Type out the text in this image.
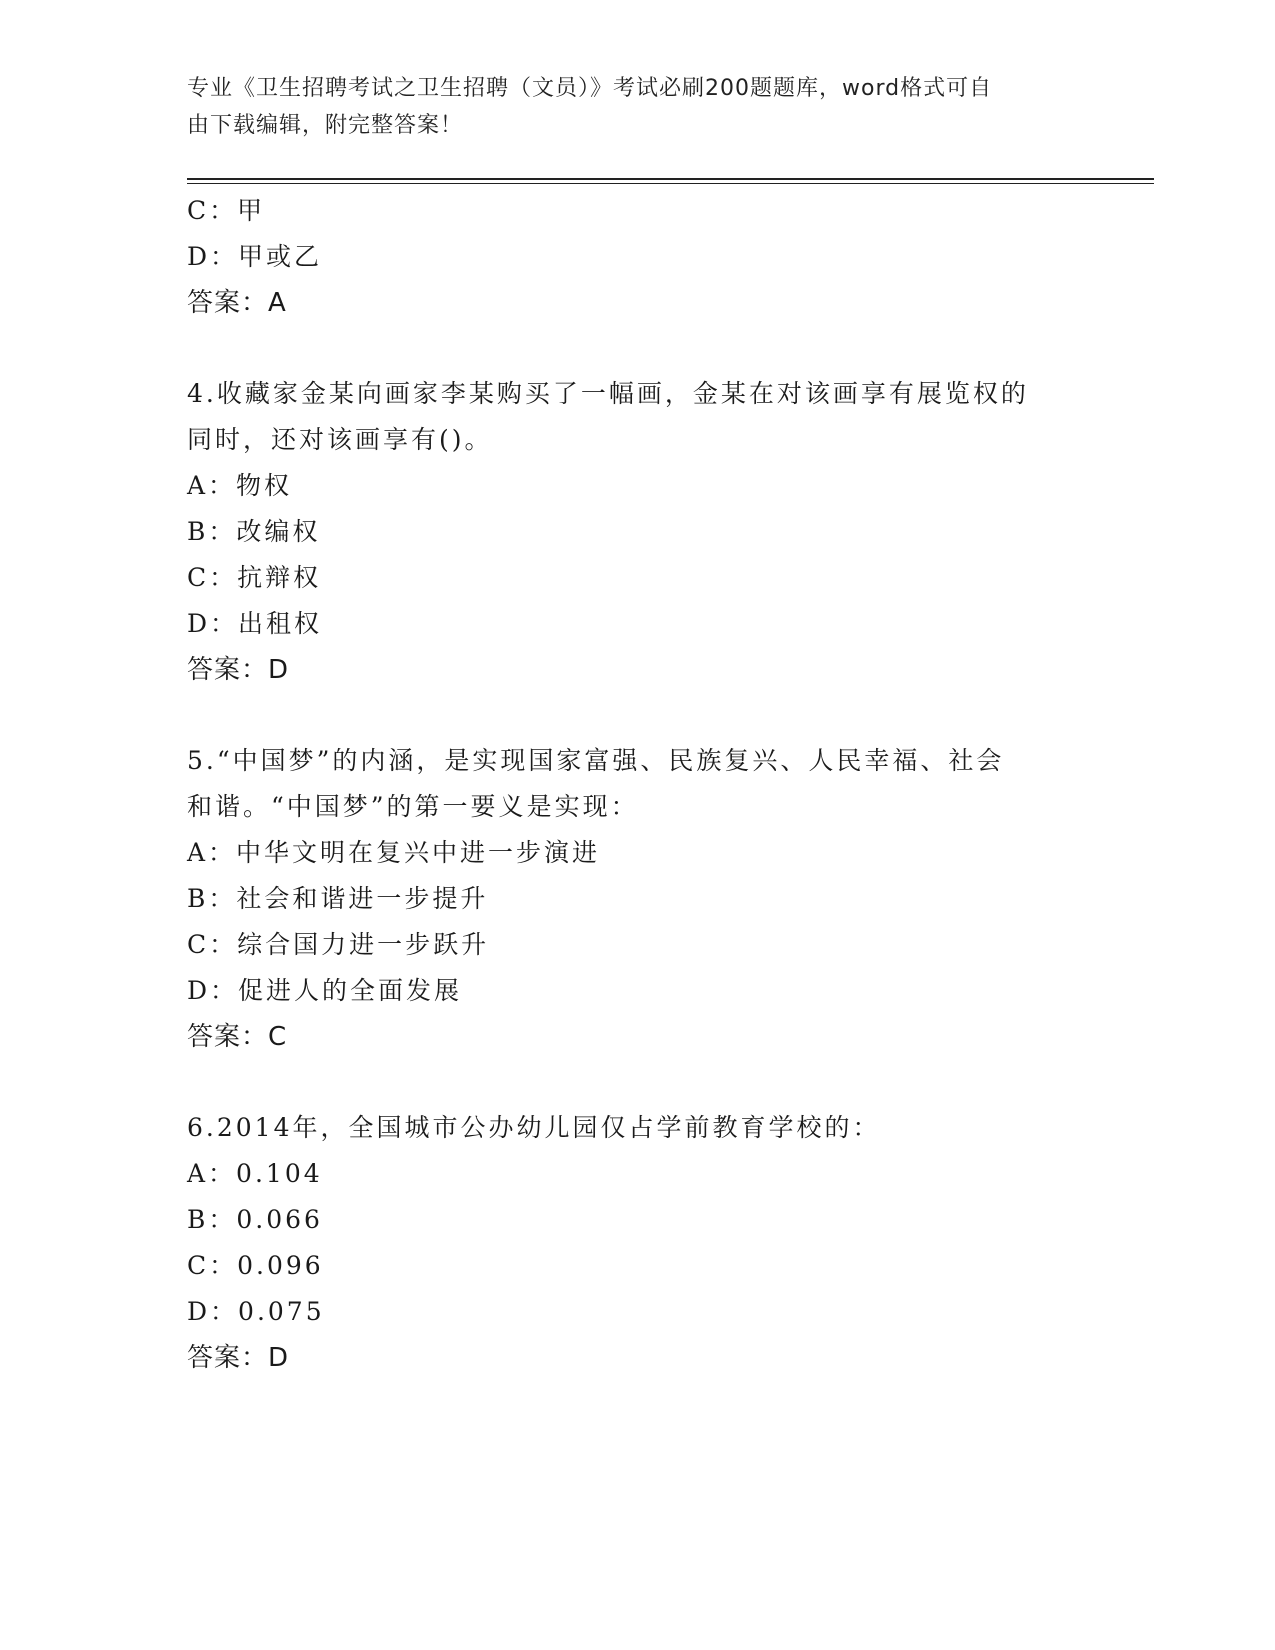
专业《卫生招聘考试之卫生招聘（文员）》考试必刷200题题库，word格式可自
由下载编辑，附完整答案！
C：甲
D：甲或乙
答案：A
4.收藏家金某向画家李某购买了一幅画，金某在对该画享有展览权的
同时，还对该画享有()。
A：物权
B：改编权
C：抗辩权
D：出租权
答案：D
5.“中国梦”的内涵，是实现国家富强、民族复兴、人民幸福、社会
和谐。“中国梦”的第一要义是实现：
A：中华文明在复兴中进一步演进
B：社会和谐进一步提升
C：综合国力进一步跃升
D：促进人的全面发展
答案：C
6.2014年，全国城市公办幼儿园仅占学前教育学校的：
A：0.104
B：0.066
C：0.096
D：0.075
答案：D
